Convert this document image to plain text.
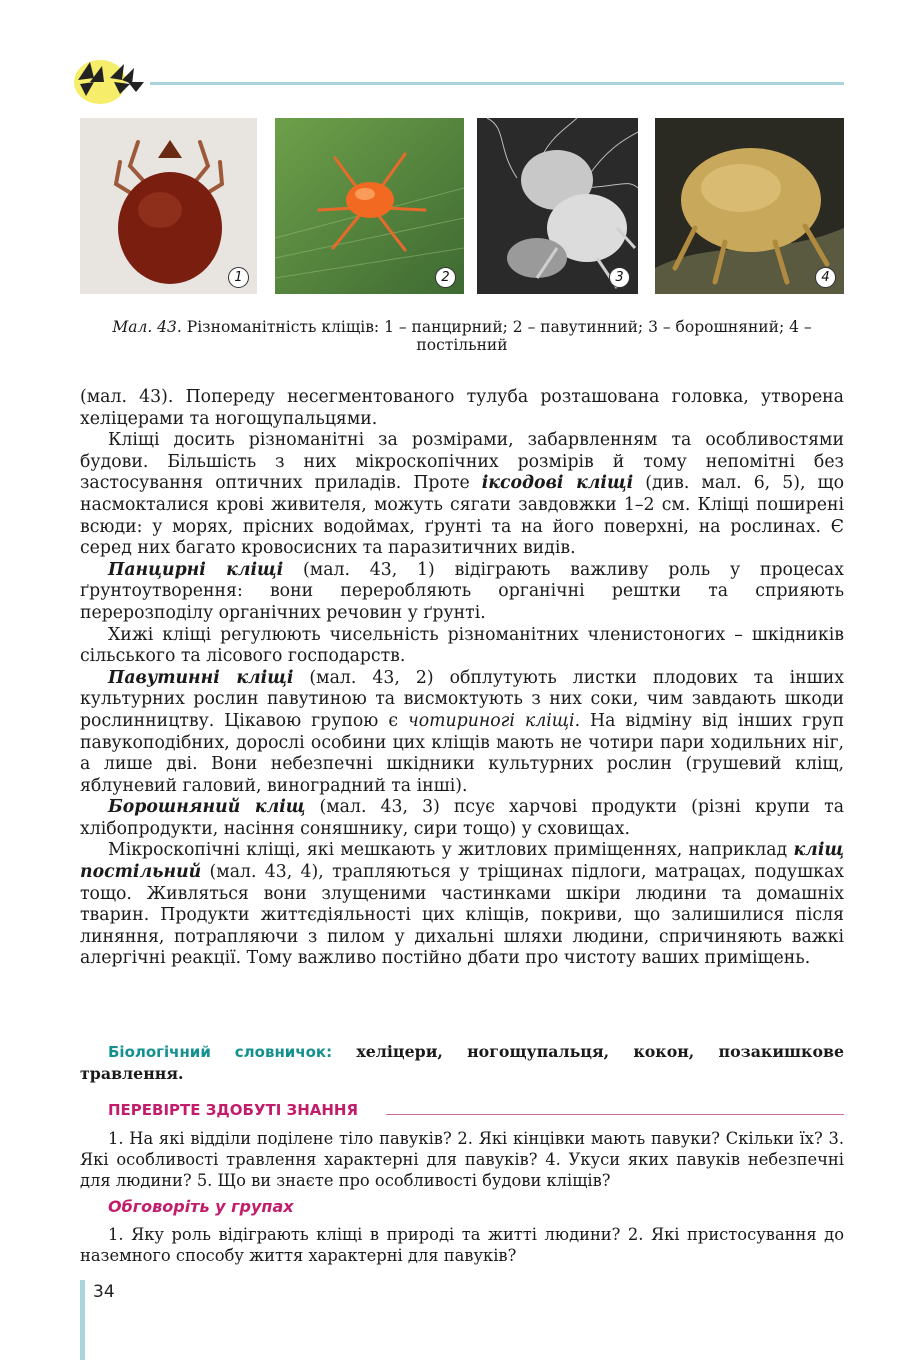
1	2	3	4
Мал. 43. Різноманітність кліщів: 1 – панцирний; 2 – павутинний; 3 – борошняний; 4 – постільний

(мал. 43). Попереду несегментованого тулуба розташована головка, утворена хеліцерами та ногощупальцями.

Кліщі досить різноманітні за розмірами, забарвленням та особливостями будови. Більшість з них мікроскопічних розмірів й тому непомітні без застосування оптичних приладів. Проте іксодові кліщі (див. мал. 6, 5), що насмокталися крові живителя, можуть сягати завдовжки 1–2 см. Кліщі поширені всюди: у морях, прісних водоймах, ґрунті та на його поверхні, на рослинах. Є серед них багато кровосисних та паразитичних видів.

Панцирні кліщі (мал. 43, 1) відіграють важливу роль у процесах ґрунтоутворення: вони переробляють органічні рештки та сприяють перерозподілу органічних речовин у ґрунті.

Хижі кліщі регулюють чисельність різноманітних членистоногих – шкідників сільського та лісового господарств.

Павутинні кліщі (мал. 43, 2) обплутують листки плодових та інших культурних рослин павутиною та висмоктують з них соки, чим завдають шкоди рослинництву. Цікавою групою є чотириногі кліщі. На відміну від інших груп павукоподібних, дорослі особини цих кліщів мають не чотири пари ходильних ніг, а лише дві. Вони небезпечні шкідники культурних рослин (грушевий кліщ, яблуневий галовий, виноградний та інші).

Борошняний кліщ (мал. 43, 3) псує харчові продукти (різні крупи та хлібопродукти, насіння соняшнику, сири тощо) у сховищах.

Мікроскопічні кліщі, які мешкають у житлових приміщеннях, наприклад кліщ постільний (мал. 43, 4), трапляються у тріщинах підлоги, матрацах, подушках тощо. Живляться вони злущеними частинками шкіри людини та домашніх тварин. Продукти життєдіяльності цих кліщів, покриви, що залишилися після линяння, потрапляючи з пилом у дихальні шляхи людини, спричиняють важкі алергічні реакції. Тому важливо постійно дбати про чистоту ваших приміщень.

Біологічний словничок: хеліцери, ногощупальця, кокон, позакишкове травлення.
ПЕРЕВІРТЕ ЗДОБУТІ ЗНАННЯ
1. На які відділи поділене тіло павуків? 2. Які кінцівки мають павуки? Скільки їх? 3. Які особливості травлення характерні для павуків? 4. Укуси яких павуків небезпечні для людини? 5. Що ви знаєте про особливості будови кліщів?
Обговоріть у групах
1. Яку роль відіграють кліщі в природі та житті людини? 2. Які пристосування до наземного способу життя характерні для павуків?
34
